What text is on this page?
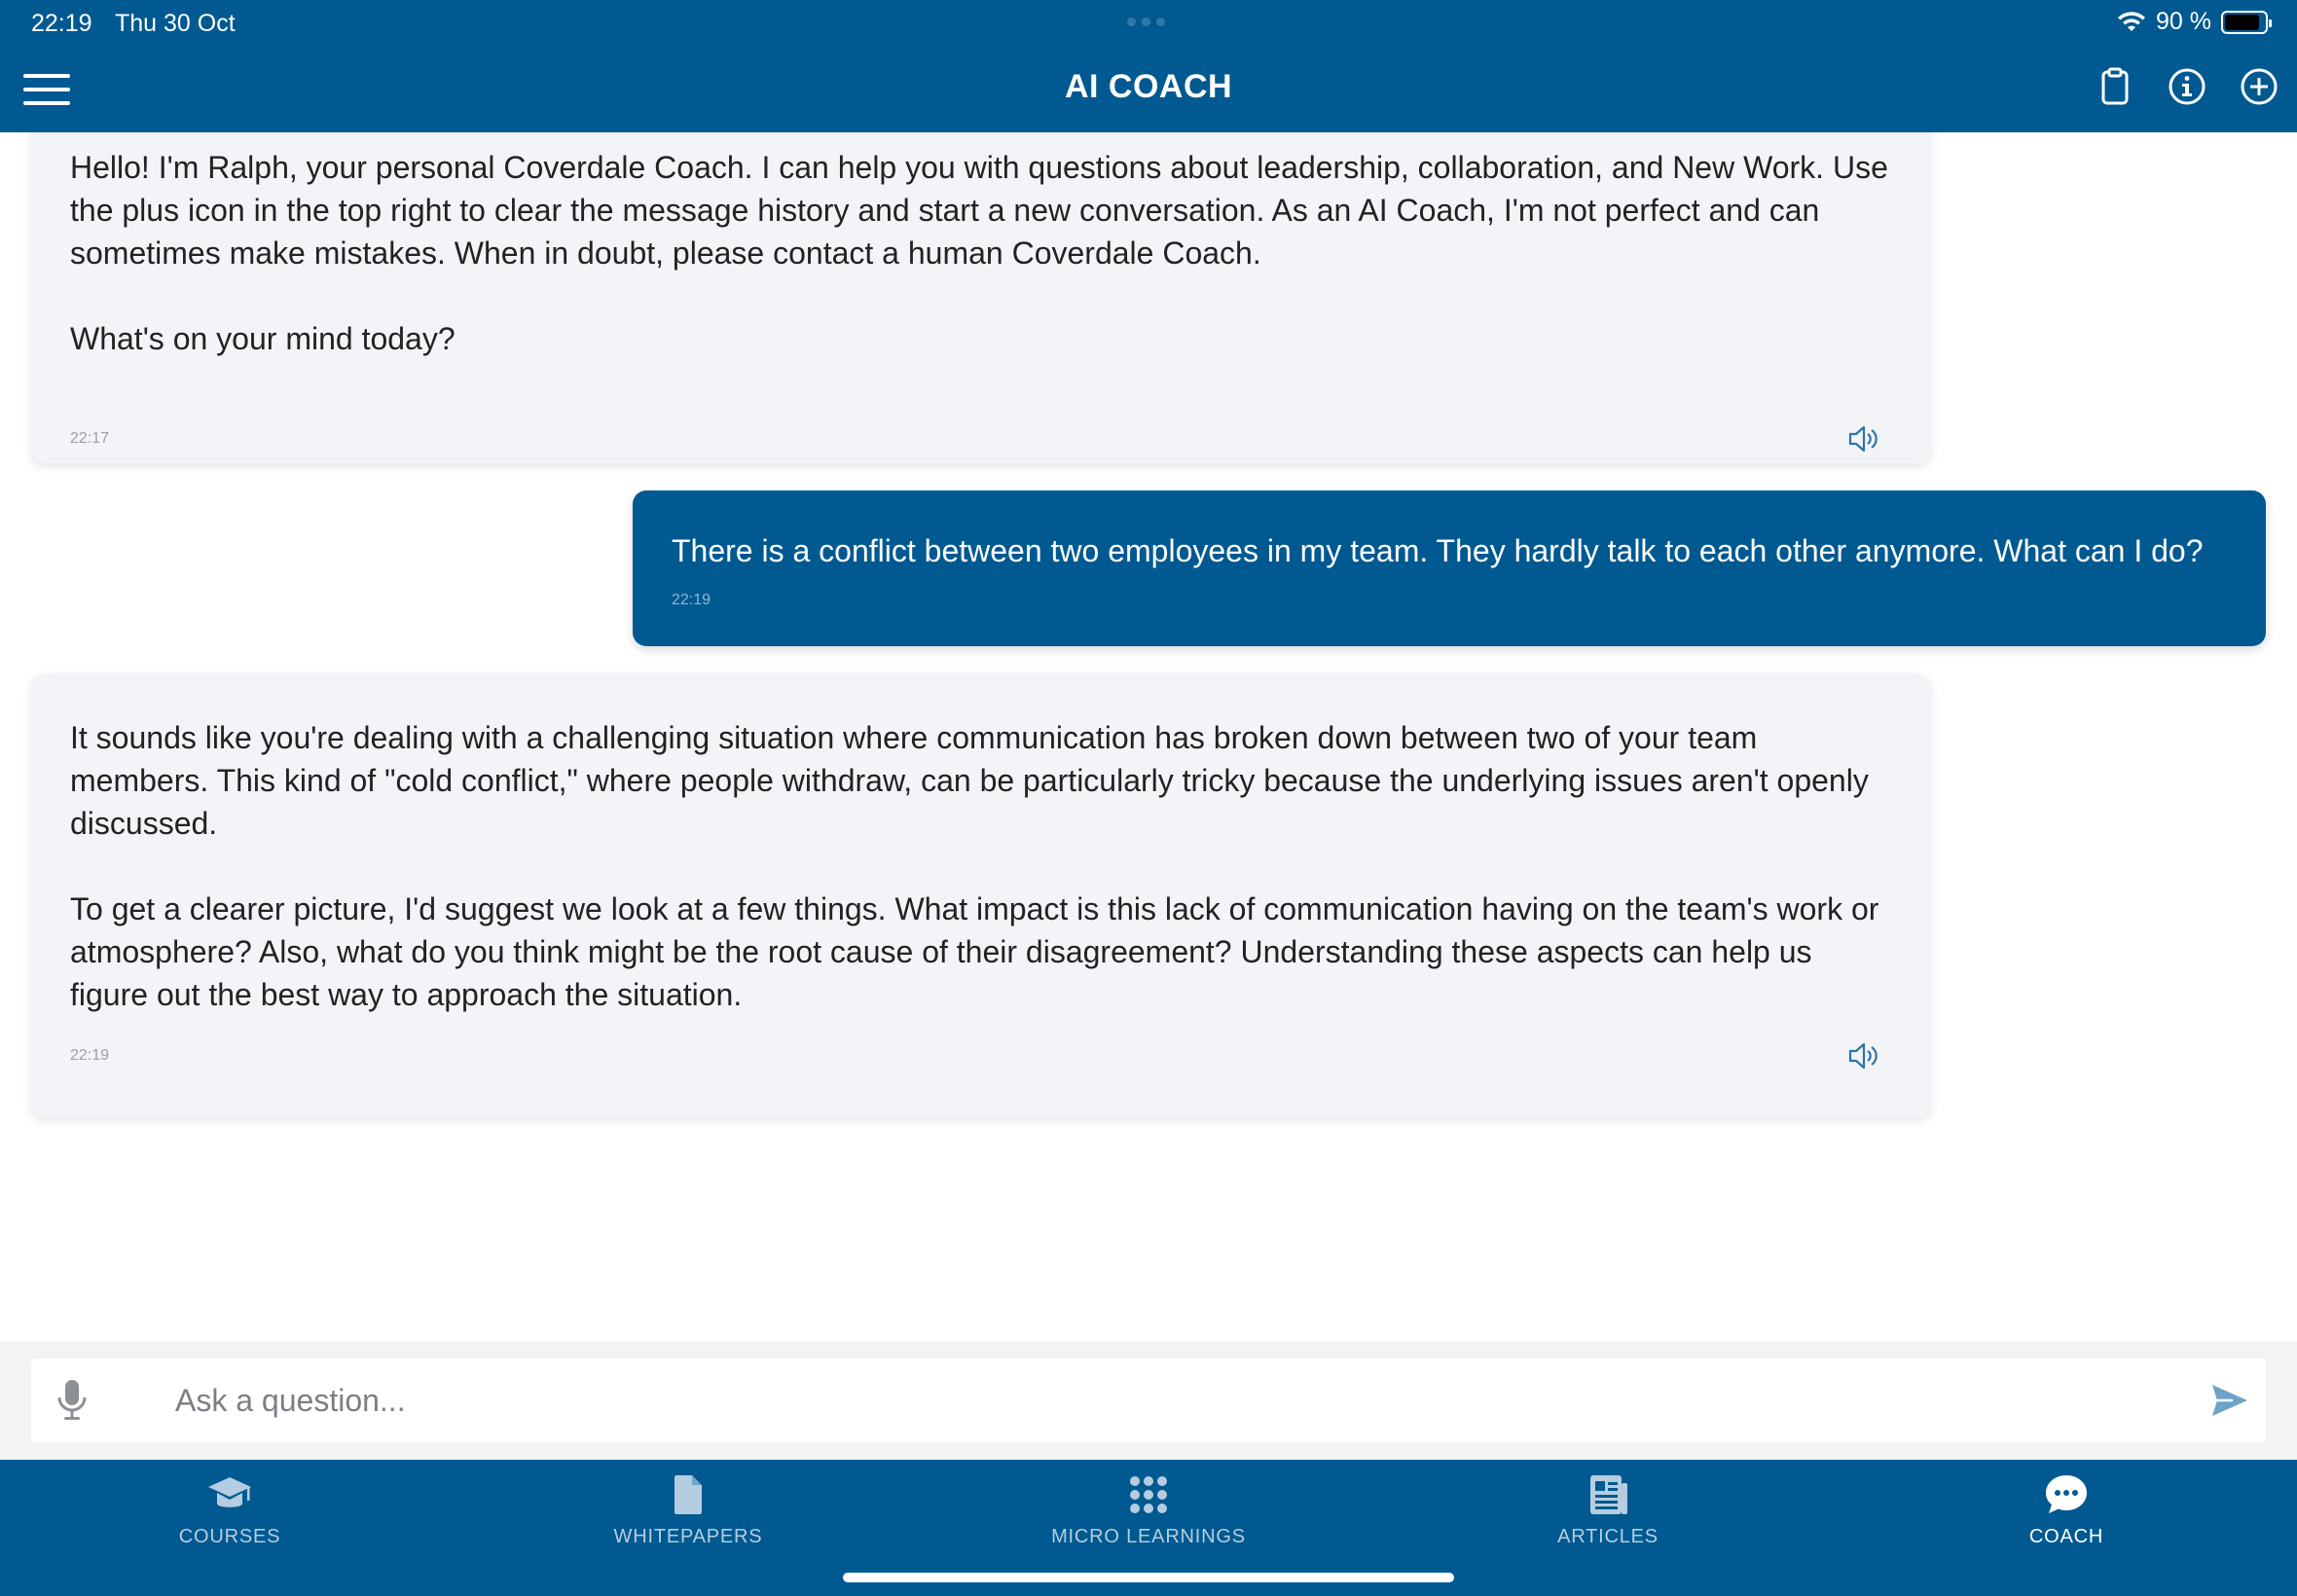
22:19 Thu 30 Oct	90 %
AI COACH

Hello! I'm Ralph, your personal Coverdale Coach. I can help you with questions about leadership, collaboration, and New Work. Use the plus icon in the top right to clear the message history and start a new conversation. As an AI Coach, I'm not perfect and can sometimes make mistakes. When in doubt, please contact a human Coverdale Coach.

What's on your mind today?

22:17

There is a conflict between two employees in my team. They hardly talk to each other anymore. What can I do?

22:19

It sounds like you're dealing with a challenging situation where communication has broken down between two of your team members. This kind of "cold conflict," where people withdraw, can be particularly tricky because the underlying issues aren't openly discussed.

To get a clearer picture, I'd suggest we look at a few things. What impact is this lack of communication having on the team's work or atmosphere? Also, what do you think might be the root cause of their disagreement? Understanding these aspects can help us figure out the best way to approach the situation.

22:19
Ask a question...
COURSES	WHITEPAPERS	MICRO LEARNINGS	ARTICLES	COACH
